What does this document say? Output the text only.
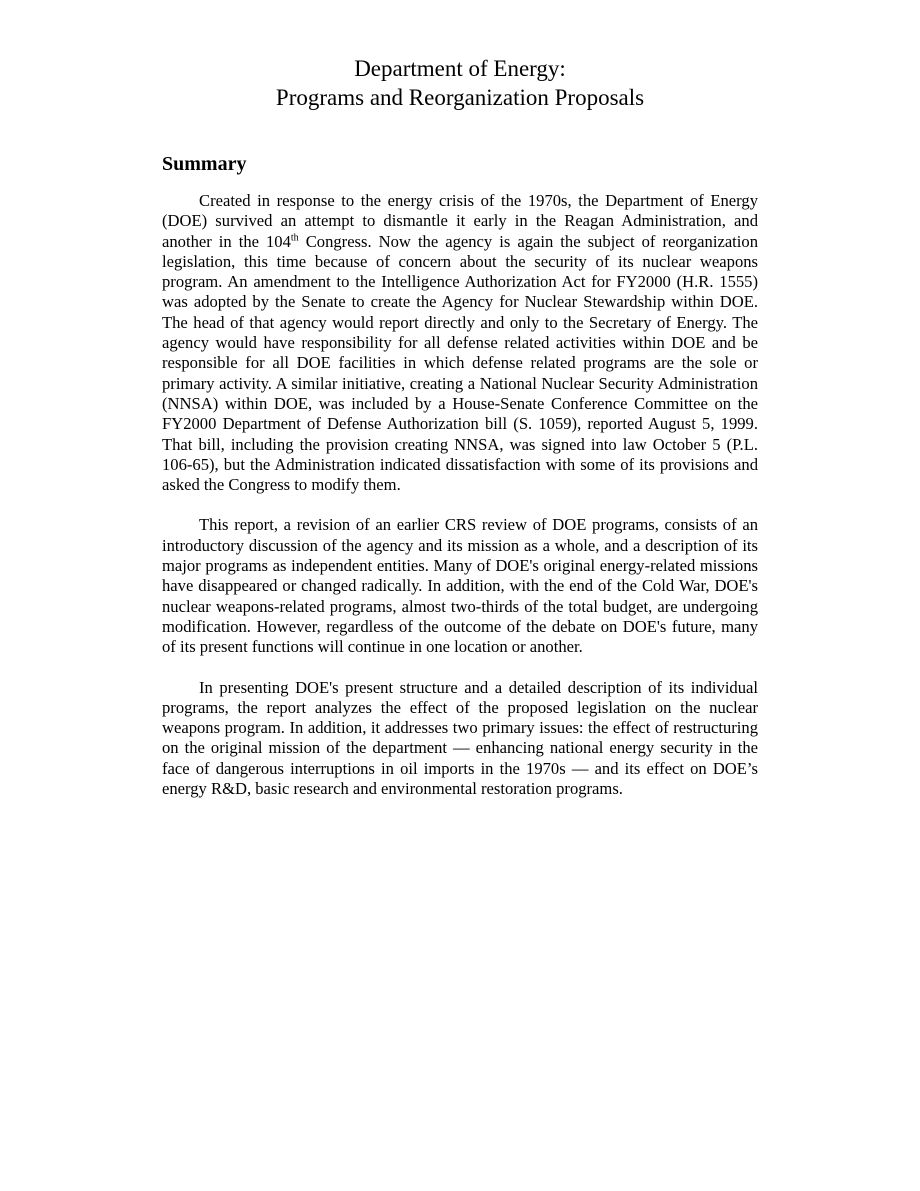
Department of Energy:
Programs and Reorganization Proposals
Summary

Created in response to the energy crisis of the 1970s, the Department of Energy (DOE) survived an attempt to dismantle it early in the Reagan Administration, and another in the 104th Congress. Now the agency is again the subject of reorganization legislation, this time because of concern about the security of its nuclear weapons program. An amendment to the Intelligence Authorization Act for FY2000 (H.R. 1555) was adopted by the Senate to create the Agency for Nuclear Stewardship within DOE. The head of that agency would report directly and only to the Secretary of Energy. The agency would have responsibility for all defense related activities within DOE and be responsible for all DOE facilities in which defense related programs are the sole or primary activity. A similar initiative, creating a National Nuclear Security Administration (NNSA) within DOE, was included by a House-Senate Conference Committee on the FY2000 Department of Defense Authorization bill (S. 1059), reported August 5, 1999. That bill, including the provision creating NNSA, was signed into law October 5 (P.L. 106-65), but the Administration indicated dissatisfaction with some of its provisions and asked the Congress to modify them.

This report, a revision of an earlier CRS review of DOE programs, consists of an introductory discussion of the agency and its mission as a whole, and a description of its major programs as independent entities. Many of DOE's original energy-related missions have disappeared or changed radically. In addition, with the end of the Cold War, DOE's nuclear weapons-related programs, almost two-thirds of the total budget, are undergoing modification. However, regardless of the outcome of the debate on DOE's future, many of its present functions will continue in one location or another.

In presenting DOE's present structure and a detailed description of its individual programs, the report analyzes the effect of the proposed legislation on the nuclear weapons program. In addition, it addresses two primary issues: the effect of restructuring on the original mission of the department — enhancing national energy security in the face of dangerous interruptions in oil imports in the 1970s — and its effect on DOE’s energy R&D, basic research and environmental restoration programs.
